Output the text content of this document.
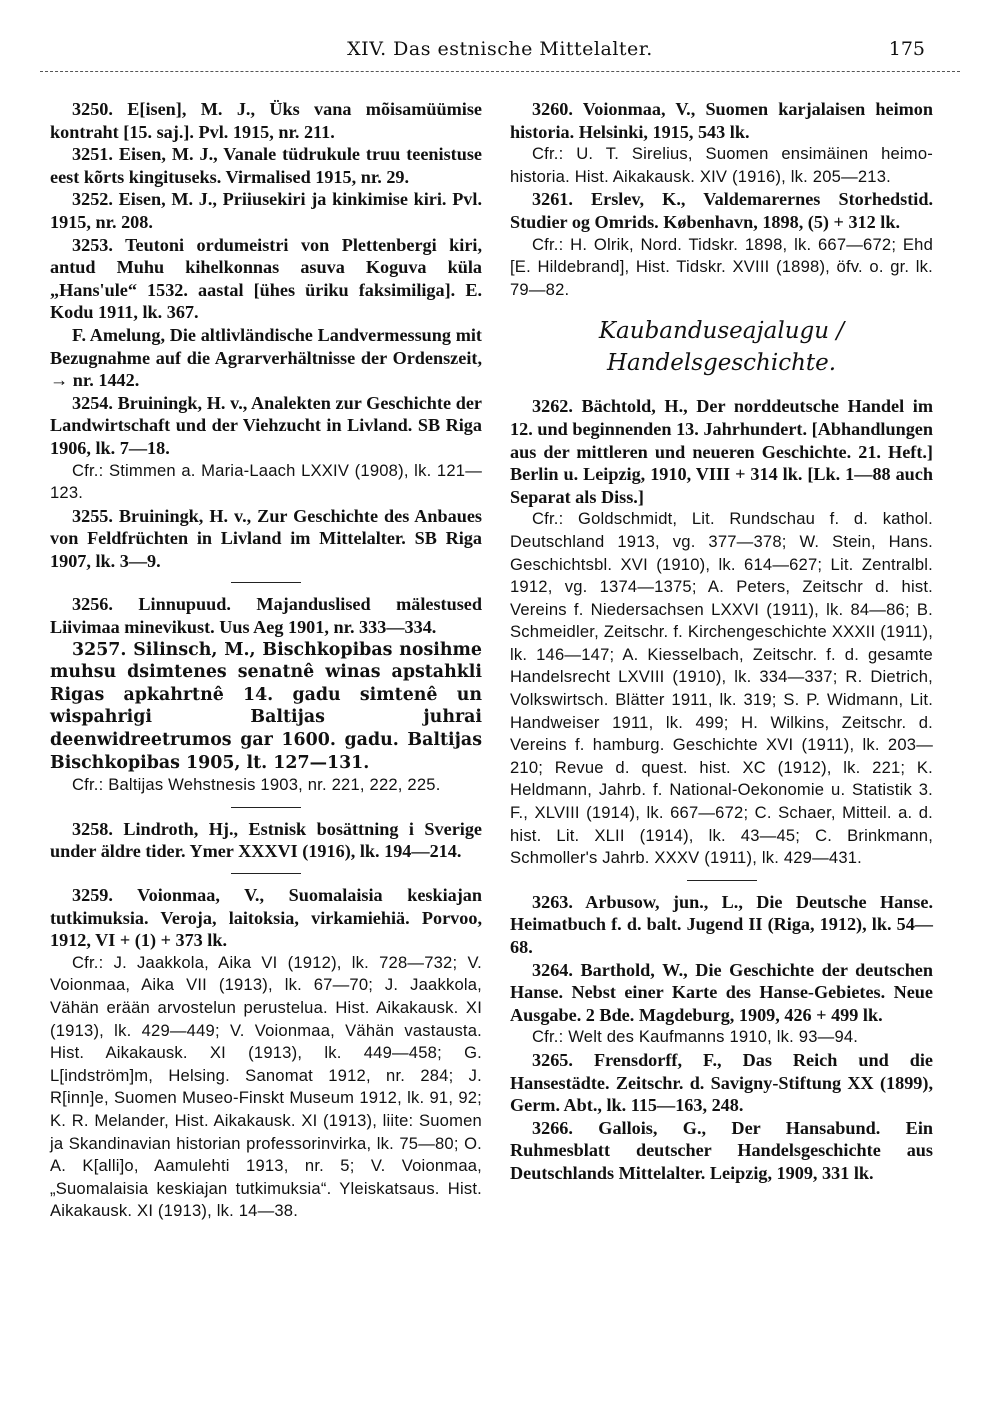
XIV. Das estnische Mittelalter.	175

3250. E[isen], M. J., Üks vana mõisamüümise kontraht [15. saj.]. Pvl. 1915, nr. 211.

3251. Eisen, M. J., Vanale tüdrukule truu teenistuse eest kõrts kingituseks. Virmalised 1915, nr. 29.

3252. Eisen, M. J., Priiusekiri ja kinkimise kiri. Pvl. 1915, nr. 208.

3253. Teutoni ordumeistri von Plettenbergi kiri, antud Muhu kihelkonnas asuva Koguva küla „Hans'ule“ 1532. aastal [ühes üriku faksimiliga]. E. Kodu 1911, lk. 367.

F. Amelung, Die altlivländische Landvermessung mit Bezugnahme auf die Agrarverhältnisse der Ordenszeit, → nr. 1442.

3254. Bruiningk, H. v., Analekten zur Geschichte der Landwirtschaft und der Viehzucht in Livland. SB Riga 1906, lk. 7—18.

Cfr.: Stimmen a. Maria-Laach LXXIV (1908), lk. 121—123.

3255. Bruiningk, H. v., Zur Geschichte des Anbaues von Feldfrüchten in Livland im Mittelalter. SB Riga 1907, lk. 3—9.

3256. Linnupuud. Majanduslised mälestused Liivimaa minevikust. Uus Aeg 1901, nr. 333—334.

3257. Silinsch, M., Bischkopibas nosihme muhsu dsimtenes senatnê winas apstahkli Rigas apkahrtnê 14. gadu simtenê un wispahrigi Baltijas juhrai deenwidreetrumos gar 1600. gadu. Baltijas Bischkopibas 1905, lt. 127—131.

Cfr.: Baltijas Wehstnesis 1903, nr. 221, 222, 225.

3258. Lindroth, Hj., Estnisk bosättning i Sverige under äldre tider. Ymer XXXVI (1916), lk. 194—214.

3259. Voionmaa, V., Suomalaisia keskiajan tutkimuksia. Veroja, laitoksia, virkamiehiä. Porvoo, 1912, VI + (1) + 373 lk.

Cfr.: J. Jaakkola, Aika VI (1912), lk. 728—732; V. Voionmaa, Aika VII (1913), lk. 67—70; J. Jaakkola, Vähän erään arvostelun perustelua. Hist. Aikakausk. XI (1913), lk. 429—449; V. Voionmaa, Vähän vastausta. Hist. Aikakausk. XI (1913), lk. 449—458; G. L[indström]m, Helsing. Sanomat 1912, nr. 284; J. R[inn]e, Suomen Museo-Finskt Museum 1912, lk. 91, 92; K. R. Melander, Hist. Aikakausk. XI (1913), liite: Suomen ja Skandinavian historian professorinvirka, lk. 75—80; O. A. K[alli]o, Aamulehti 1913, nr. 5; V. Voionmaa, „Suomalaisia keskiajan tutkimuksia“. Yleiskatsaus. Hist. Aikakausk. XI (1913), lk. 14—38.

3260. Voionmaa, V., Suomen karjalaisen heimon historia. Helsinki, 1915, 543 lk.

Cfr.: U. T. Sirelius, Suomen ensimäinen heimo-historia. Hist. Aikakausk. XIV (1916), lk. 205—213.

3261. Erslev, K., Valdemarernes Storhedstid. Studier og Omrids. København, 1898, (5) + 312 lk.

Cfr.: H. Olrik, Nord. Tidskr. 1898, lk. 667—672; Ehd [E. Hildebrand], Hist. Tidskr. XVIII (1898), öfv. o. gr. lk. 79—82.

Kaubanduseajalugu /
Handelsgeschichte.

3262. Bächtold, H., Der norddeutsche Handel im 12. und beginnenden 13. Jahrhundert. [Abhandlungen aus der mittleren und neueren Geschichte. 21. Heft.] Berlin u. Leipzig, 1910, VIII + 314 lk. [Lk. 1—88 auch Separat als Diss.]

Cfr.: Goldschmidt, Lit. Rundschau f. d. kathol. Deutschland 1913, vg. 377—378; W. Stein, Hans. Geschichtsbl. XVI (1910), lk. 614—627; Lit. Zentralbl. 1912, vg. 1374—1375; A. Peters, Zeitschr d. hist. Vereins f. Niedersachsen LXXVI (1911), lk. 84—86; B. Schmeidler, Zeitschr. f. Kirchengeschichte XXXII (1911), lk. 146—147; A. Kiesselbach, Zeitschr. f. d. gesamte Handelsrecht LXVIII (1910), lk. 334—337; R. Dietrich, Volkswirtsch. Blätter 1911, lk. 319; S. P. Widmann, Lit. Handweiser 1911, lk. 499; H. Wilkins, Zeitschr. d. Vereins f. hamburg. Geschichte XVI (1911), lk. 203—210; Revue d. quest. hist. XC (1912), lk. 221; K. Heldmann, Jahrb. f. National-Oekonomie u. Statistik 3. F., XLVIII (1914), lk. 667—672; C. Schaer, Mitteil. a. d. hist. Lit. XLII (1914), lk. 43—45; C. Brinkmann, Schmoller's Jahrb. XXXV (1911), lk. 429—431.

3263. Arbusow, jun., L., Die Deutsche Hanse. Heimatbuch f. d. balt. Jugend II (Riga, 1912), lk. 54—68.

3264. Barthold, W., Die Geschichte der deutschen Hanse. Nebst einer Karte des Hanse-Gebietes. Neue Ausgabe. 2 Bde. Magdeburg, 1909, 426 + 499 lk.

Cfr.: Welt des Kaufmanns 1910, lk. 93—94.

3265. Frensdorff, F., Das Reich und die Hansestädte. Zeitschr. d. Savigny-Stiftung XX (1899), Germ. Abt., lk. 115—163, 248.

3266. Gallois, G., Der Hansabund. Ein Ruhmesblatt deutscher Handelsgeschichte aus Deutschlands Mittelalter. Leipzig, 1909, 331 lk.
